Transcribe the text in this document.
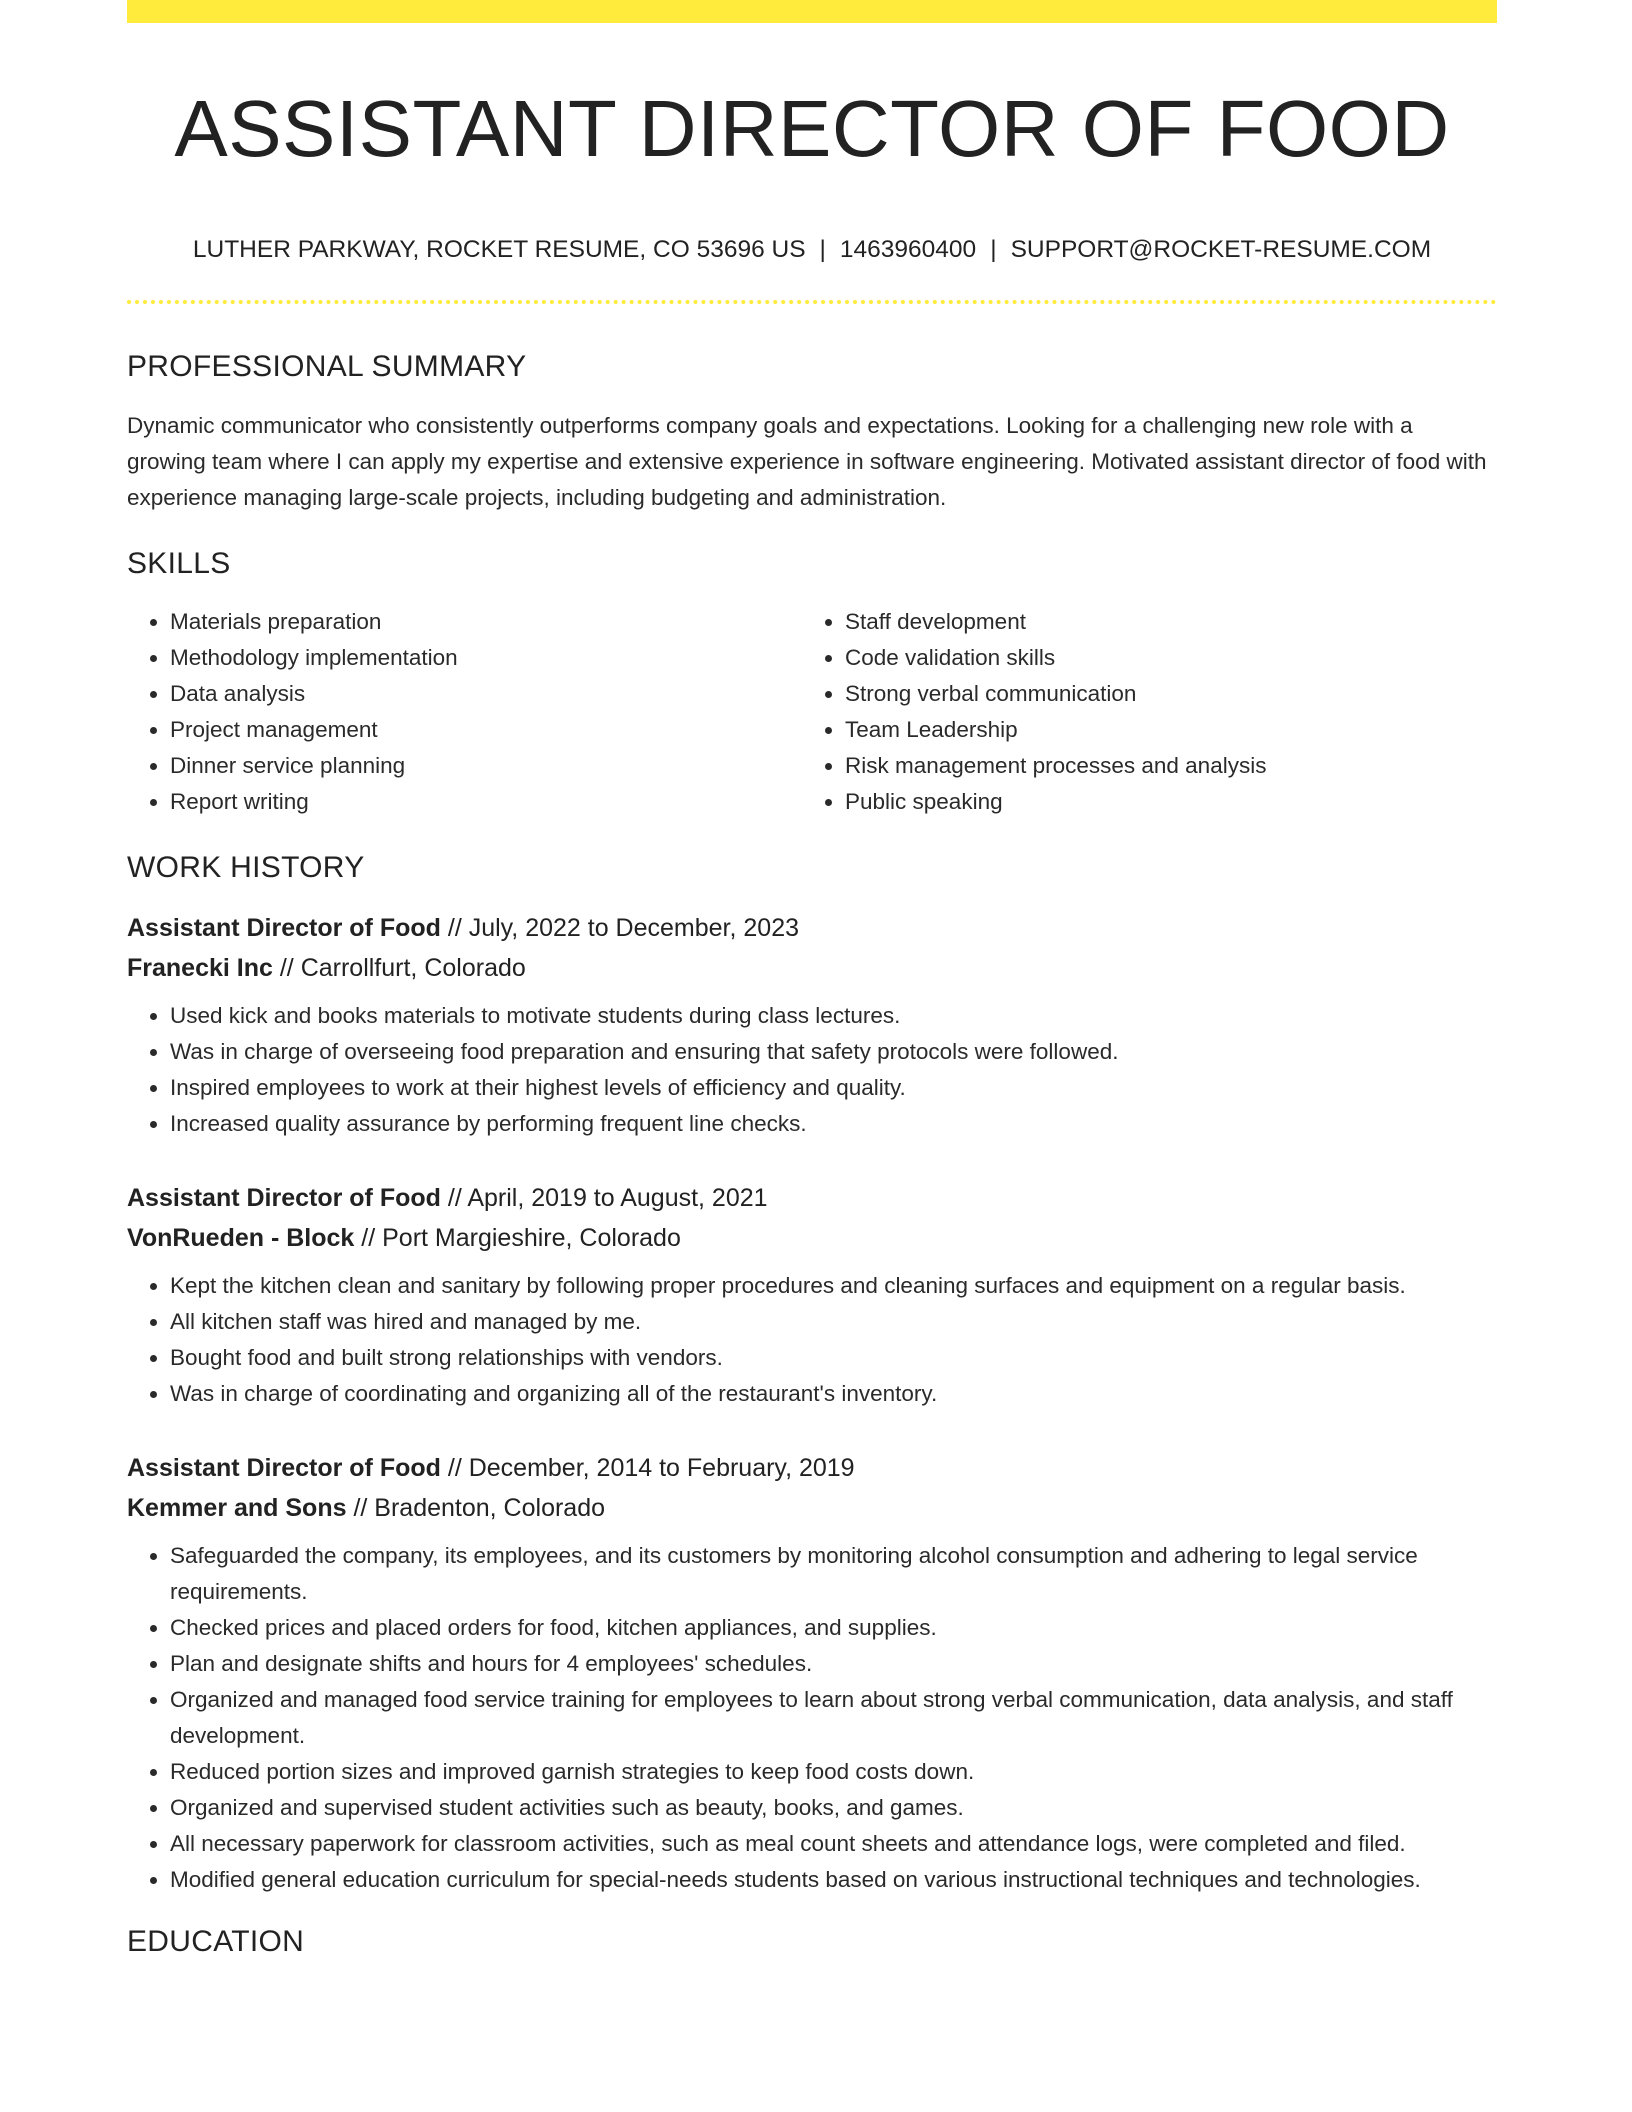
ASSISTANT DIRECTOR OF FOOD
LUTHER PARKWAY, ROCKET RESUME, CO 53696 US | 1463960400 | SUPPORT@ROCKET-RESUME.COM
PROFESSIONAL SUMMARY
Dynamic communicator who consistently outperforms company goals and expectations. Looking for a challenging new role with a growing team where I can apply my expertise and extensive experience in software engineering. Motivated assistant director of food with experience managing large-scale projects, including budgeting and administration.
SKILLS
• Materials preparation
• Methodology implementation
• Data analysis
• Project management
• Dinner service planning
• Report writing
• Staff development
• Code validation skills
• Strong verbal communication
• Team Leadership
• Risk management processes and analysis
• Public speaking
WORK HISTORY
Assistant Director of Food // July, 2022 to December, 2023
Franecki Inc // Carrollfurt, Colorado
• Used kick and books materials to motivate students during class lectures.
• Was in charge of overseeing food preparation and ensuring that safety protocols were followed.
• Inspired employees to work at their highest levels of efficiency and quality.
• Increased quality assurance by performing frequent line checks.
Assistant Director of Food // April, 2019 to August, 2021
VonRueden - Block // Port Margieshire, Colorado
• Kept the kitchen clean and sanitary by following proper procedures and cleaning surfaces and equipment on a regular basis.
• All kitchen staff was hired and managed by me.
• Bought food and built strong relationships with vendors.
• Was in charge of coordinating and organizing all of the restaurant's inventory.
Assistant Director of Food // December, 2014 to February, 2019
Kemmer and Sons // Bradenton, Colorado
• Safeguarded the company, its employees, and its customers by monitoring alcohol consumption and adhering to legal service requirements.
• Checked prices and placed orders for food, kitchen appliances, and supplies.
• Plan and designate shifts and hours for 4 employees' schedules.
• Organized and managed food service training for employees to learn about strong verbal communication, data analysis, and staff development.
• Reduced portion sizes and improved garnish strategies to keep food costs down.
• Organized and supervised student activities such as beauty, books, and games.
• All necessary paperwork for classroom activities, such as meal count sheets and attendance logs, were completed and filed.
• Modified general education curriculum for special-needs students based on various instructional techniques and technologies.
EDUCATION
